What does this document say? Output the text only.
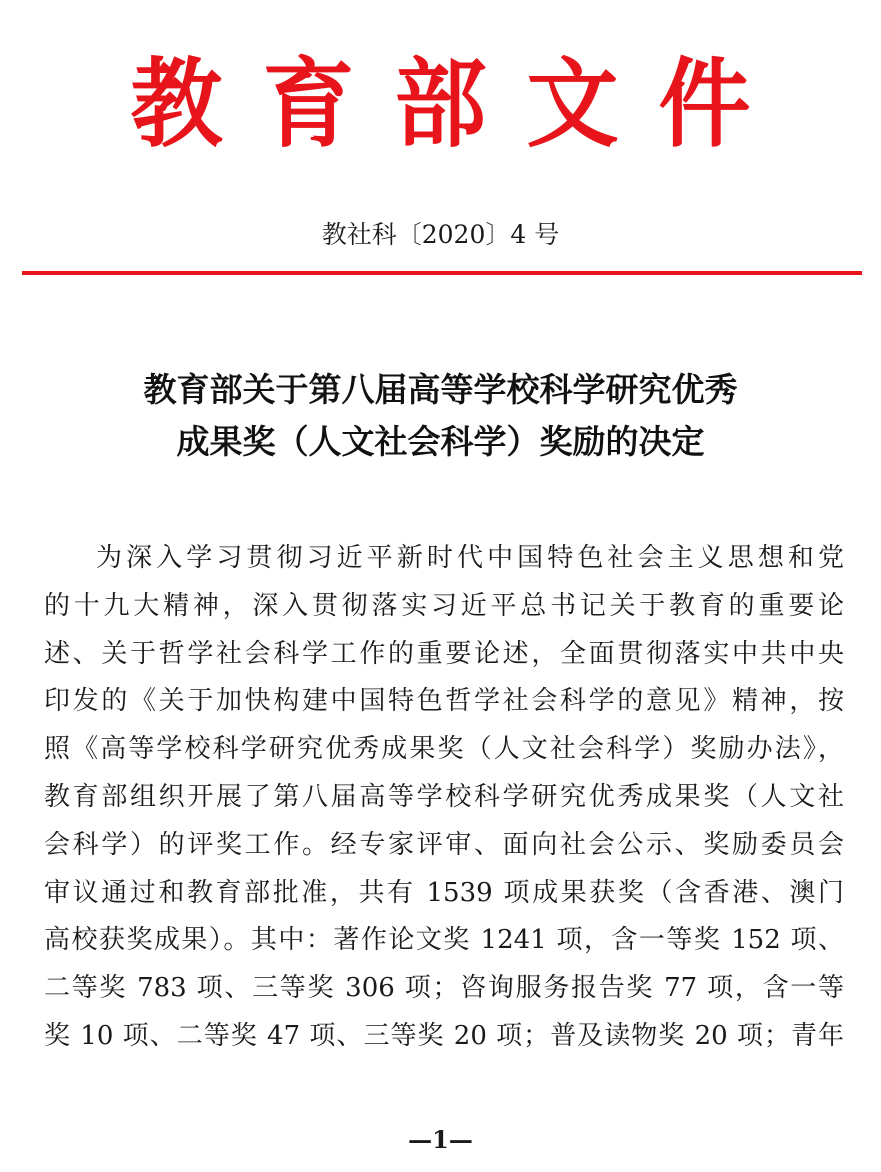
教 育 部 文 件
教社科〔2020〕4 号
教育部关于第八届高等学校科学研究优秀
成果奖（人文社会科学）奖励的决定
为深入学习贯彻习近平新时代中国特色社会主义思想和党
的十九大精神，深入贯彻落实习近平总书记关于教育的重要论
述、关于哲学社会科学工作的重要论述，全面贯彻落实中共中央
印发的《关于加快构建中国特色哲学社会科学的意见》精神，按
照《高等学校科学研究优秀成果奖（人文社会科学）奖励办法》，
教育部组织开展了第八届高等学校科学研究优秀成果奖（人文社
会科学）的评奖工作。经专家评审、面向社会公示、奖励委员会
审议通过和教育部批准，共有 1539 项成果获奖（含香港、澳门
高校获奖成果）。其中：著作论文奖 1241 项，含一等奖 152 项、
二等奖 783 项、三等奖 306 项；咨询服务报告奖 77 项，含一等
奖 10 项、二等奖 47 项、三等奖 20 项；普及读物奖 20 项；青年
—1—
